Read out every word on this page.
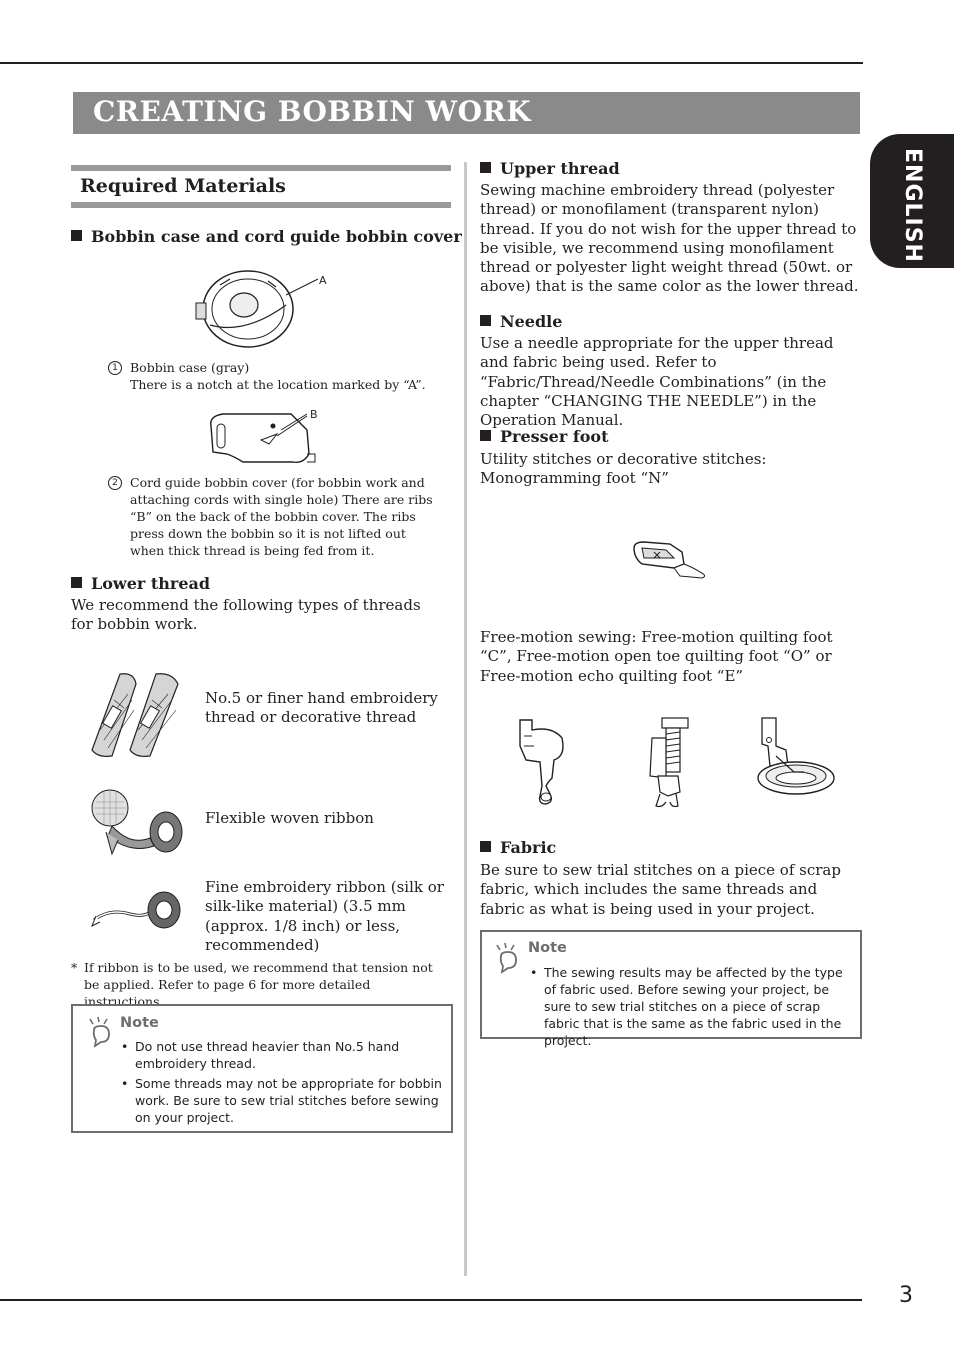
CREATING BOBBIN WORK
ENGLISH
3
Required Materials
Bobbin case and cord guide bobbin cover
A
1 Bobbin case (gray)
There is a notch at the location marked by “A”.
B
2 Cord guide bobbin cover (for bobbin work and attaching cords with single hole) There are ribs “B” on the back of the bobbin cover. The ribs press down the bobbin so it is not lifted out when thick thread is being fed from it.
Lower thread
We recommend the following types of threads for bobbin work.
No.5 or finer hand embroidery thread or decorative thread
Flexible woven ribbon
Fine embroidery ribbon (silk or silk-like material) (3.5 mm (approx. 1/8 inch) or less, recommended)
* If ribbon is to be used, we recommend that tension not be applied. Refer to page 6 for more detailed instructions.
Note
• Do not use thread heavier than No.5 hand embroidery thread.
• Some threads may not be appropriate for bobbin work. Be sure to sew trial stitches before sewing on your project.
Upper thread
Sewing machine embroidery thread (polyester thread) or monofilament (transparent nylon) thread. If you do not wish for the upper thread to be visible, we recommend using monofilament thread or polyester light weight thread (50wt. or above) that is the same color as the lower thread.
Needle
Use a needle appropriate for the upper thread and fabric being used. Refer to “Fabric/Thread/Needle Combinations” (in the chapter “CHANGING THE NEEDLE”) in the Operation Manual.
Presser foot
Utility stitches or decorative stitches: Monogramming foot “N”
Free-motion sewing: Free-motion quilting foot “C”, Free-motion open toe quilting foot “O” or Free-motion echo quilting foot “E”
Fabric
Be sure to sew trial stitches on a piece of scrap fabric, which includes the same threads and fabric as what is being used in your project.
Note
• The sewing results may be affected by the type of fabric used. Before sewing your project, be sure to sew trial stitches on a piece of scrap fabric that is the same as the fabric used in the project.
